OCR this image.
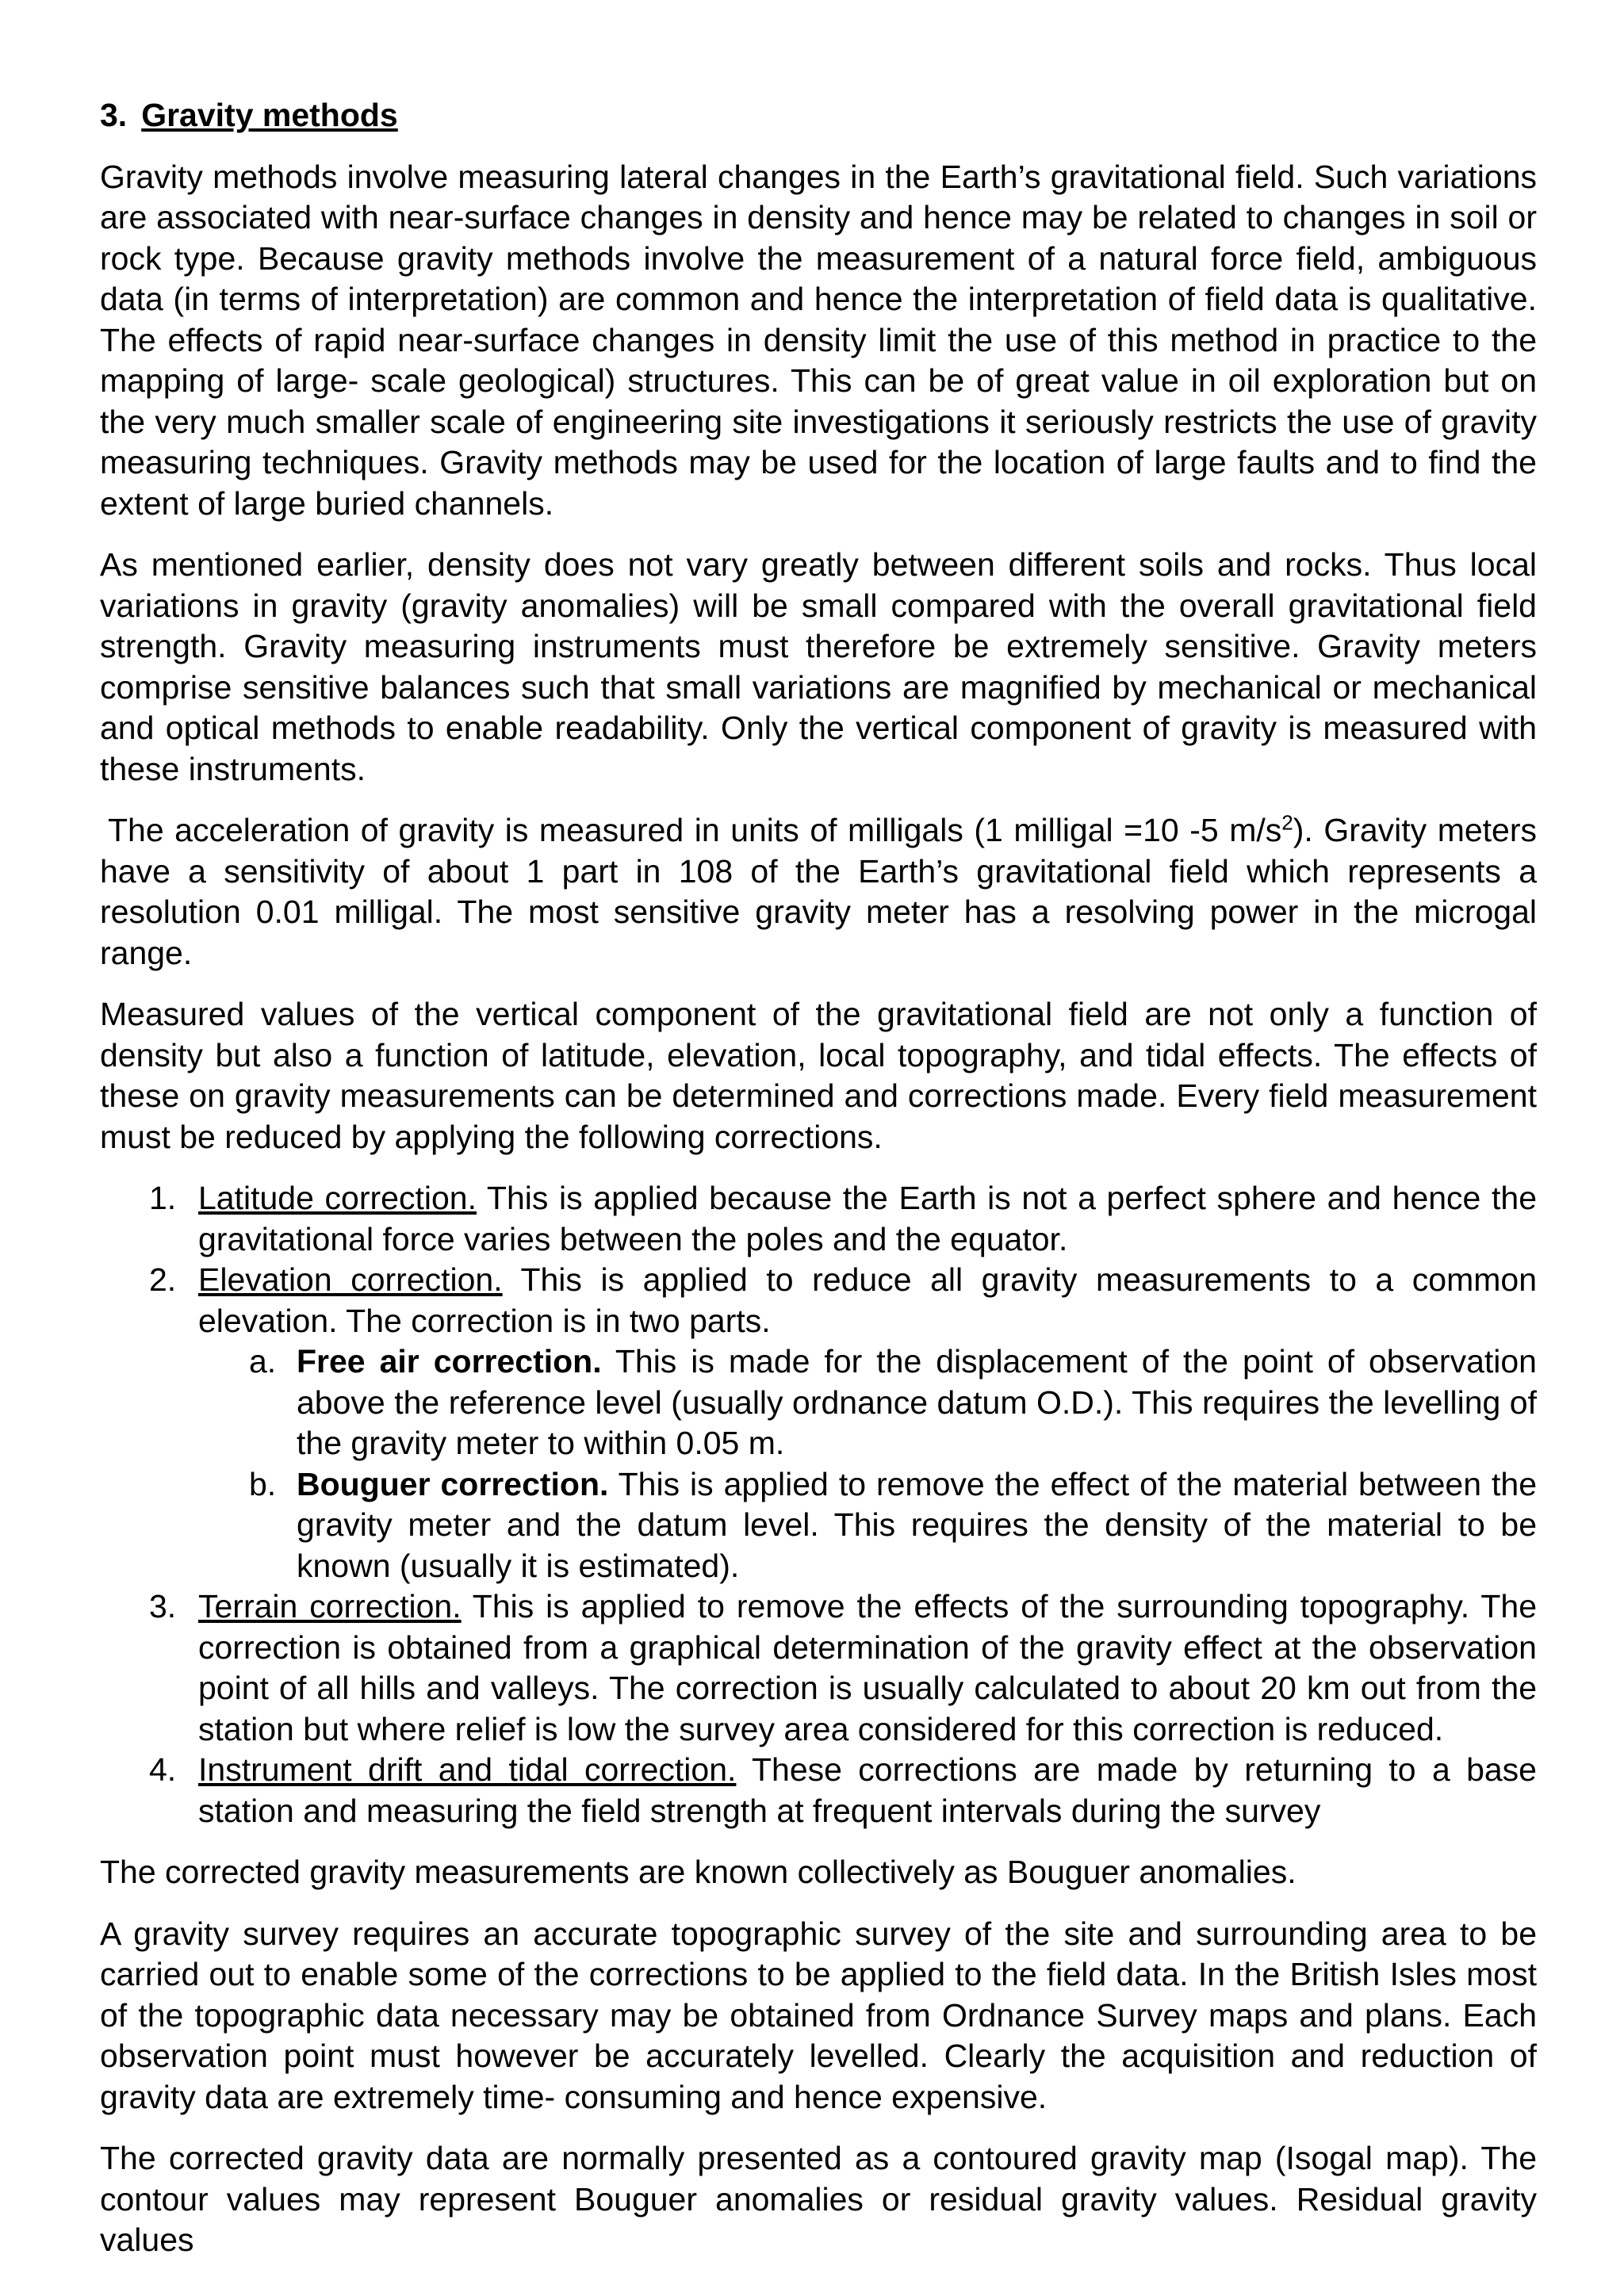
3. Gravity methods

Gravity methods involve measuring lateral changes in the Earth’s gravitational field. Such variations are associated with near-surface changes in density and hence may be related to changes in soil or rock type. Because gravity methods involve the measurement of a natural force field, ambiguous data (in terms of interpretation) are common and hence the interpretation of field data is qualitative. The effects of rapid near-surface changes in density limit the use of this method in practice to the mapping of large- scale geological) structures. This can be of great value in oil exploration but on the very much smaller scale of engineering site investigations it seriously restricts the use of gravity measuring techniques. Gravity methods may be used for the location of large faults and to find the extent of large buried channels.

As mentioned earlier, density does not vary greatly between different soils and rocks. Thus local variations in gravity (gravity anomalies) will be small compared with the overall gravitational field strength. Gravity measuring instruments must therefore be extremely sensitive. Gravity meters comprise sensitive balances such that small variations are magnified by mechanical or mechanical and optical methods to enable readability. Only the vertical component of gravity is measured with these instruments.

The acceleration of gravity is measured in units of milligals (1 milligal =10 -5 $m/s^2$). Gravity meters have a sensitivity of about 1 part in 108 of the Earth’s gravitational field which represents a resolution 0.01 milligal. The most sensitive gravity meter has a resolving power in the microgal range.

Measured values of the vertical component of the gravitational field are not only a function of density but also a function of latitude, elevation, local topography, and tidal effects. The effects of these on gravity measurements can be determined and corrections made. Every field measurement must be reduced by applying the following corrections.

1. Latitude correction. This is applied because the Earth is not a perfect sphere and hence the gravitational force varies between the poles and the equator.
2. Elevation correction. This is applied to reduce all gravity measurements to a common elevation. The correction is in two parts.
a. Free air correction. This is made for the displacement of the point of observation above the reference level (usually ordnance datum O.D.). This requires the levelling of the gravity meter to within 0.05 m.
b. Bouguer correction. This is applied to remove the effect of the material between the gravity meter and the datum level. This requires the density of the material to be known (usually it is estimated).
3. Terrain correction. This is applied to remove the effects of the surrounding topography. The correction is obtained from a graphical determination of the gravity effect at the observation point of all hills and valleys. The correction is usually calculated to about 20 km out from the station but where relief is low the survey area considered for this correction is reduced.
4. Instrument drift and tidal correction. These corrections are made by returning to a base station and measuring the field strength at frequent intervals during the survey

The corrected gravity measurements are known collectively as Bouguer anomalies.

A gravity survey requires an accurate topographic survey of the site and surrounding area to be carried out to enable some of the corrections to be applied to the field data. In the British Isles most of the topographic data necessary may be obtained from Ordnance Survey maps and plans. Each observation point must however be accurately levelled. Clearly the acquisition and reduction of gravity data are extremely time- consuming and hence expensive.

The corrected gravity data are normally presented as a contoured gravity map (Isogal map). The contour values may represent Bouguer anomalies or residual gravity values. Residual gravity values
